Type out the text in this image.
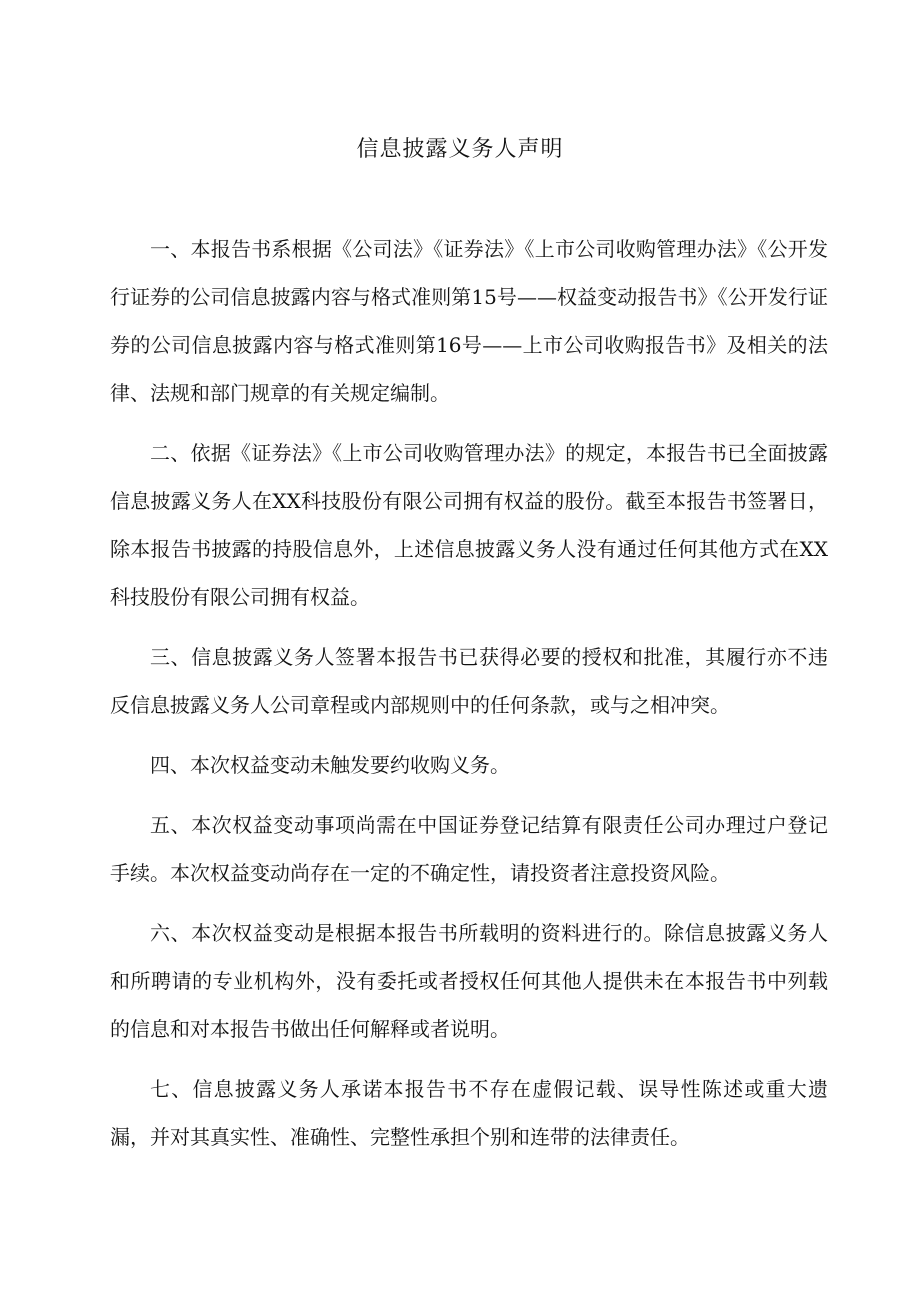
信息披露义务人声明

一、本报告书系根据《公司法》《证券法》《上市公司收购管理办法》《公开发行证券的公司信息披露内容与格式准则第15号——权益变动报告书》《公开发行证券的公司信息披露内容与格式准则第16号——上市公司收购报告书》及相关的法律、法规和部门规章的有关规定编制。

二、依据《证券法》《上市公司收购管理办法》的规定，本报告书已全面披露信息披露义务人在XX科技股份有限公司拥有权益的股份。截至本报告书签署日，除本报告书披露的持股信息外，上述信息披露义务人没有通过任何其他方式在XX科技股份有限公司拥有权益。

三、信息披露义务人签署本报告书已获得必要的授权和批准，其履行亦不违反信息披露义务人公司章程或内部规则中的任何条款，或与之相冲突。

四、本次权益变动未触发要约收购义务。

五、本次权益变动事项尚需在中国证券登记结算有限责任公司办理过户登记手续。本次权益变动尚存在一定的不确定性，请投资者注意投资风险。

六、本次权益变动是根据本报告书所载明的资料进行的。除信息披露义务人和所聘请的专业机构外，没有委托或者授权任何其他人提供未在本报告书中列载的信息和对本报告书做出任何解释或者说明。

七、信息披露义务人承诺本报告书不存在虚假记载、误导性陈述或重大遗漏，并对其真实性、准确性、完整性承担个别和连带的法律责任。
